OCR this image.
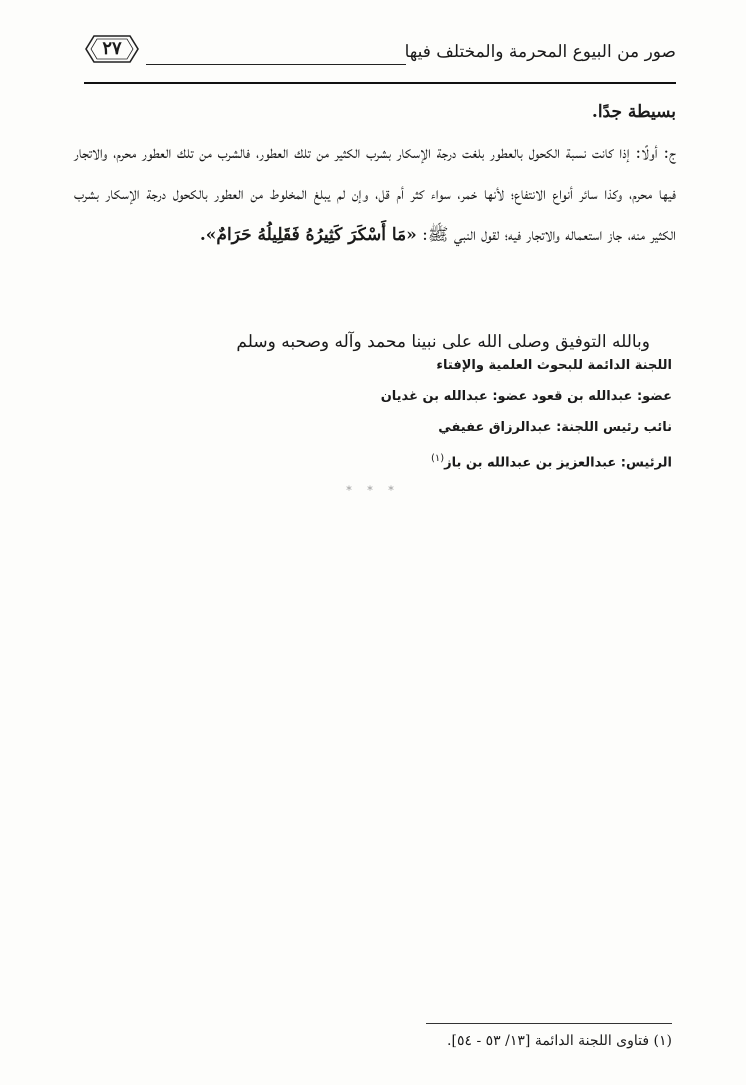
صور من البيوع المحرمة والمختلف فيها
٢٧

بسيطة جدًا.

ج: أولًا: إذا كانت نسبة الكحول بالعطور بلغت درجة الإسكار بشرب الكثير من تلك العطور، فالشرب من تلك العطور محرم، والاتجار فيها محرم، وكذا سائر أنواع الانتفاع؛ لأنها خمر، سواء كثر أم قل، وإن لم يبلغ المخلوط من العطور بالكحول درجة الإسكار بشرب الكثير منه، جاز استعماله والاتجار فيه؛ لقول النبي ﷺ: «مَا أَسْكَرَ كَثِيرُهُ فَقَلِيلُهُ حَرَامٌ».

وبالله التوفيق وصلى الله على نبينا محمد وآله وصحبه وسلم
اللجنة الدائمة للبحوث العلمية والإفتاء
عضو: عبدالله بن قعود عضو: عبدالله بن غديان
نائب رئيس اللجنة: عبدالرزاق عفيفي
الرئيس: عبدالعزيز بن عبدالله بن باز$^{(١)}$
* * *
(١) فتاوى اللجنة الدائمة [١٣/ ٥٣ - ٥٤].
